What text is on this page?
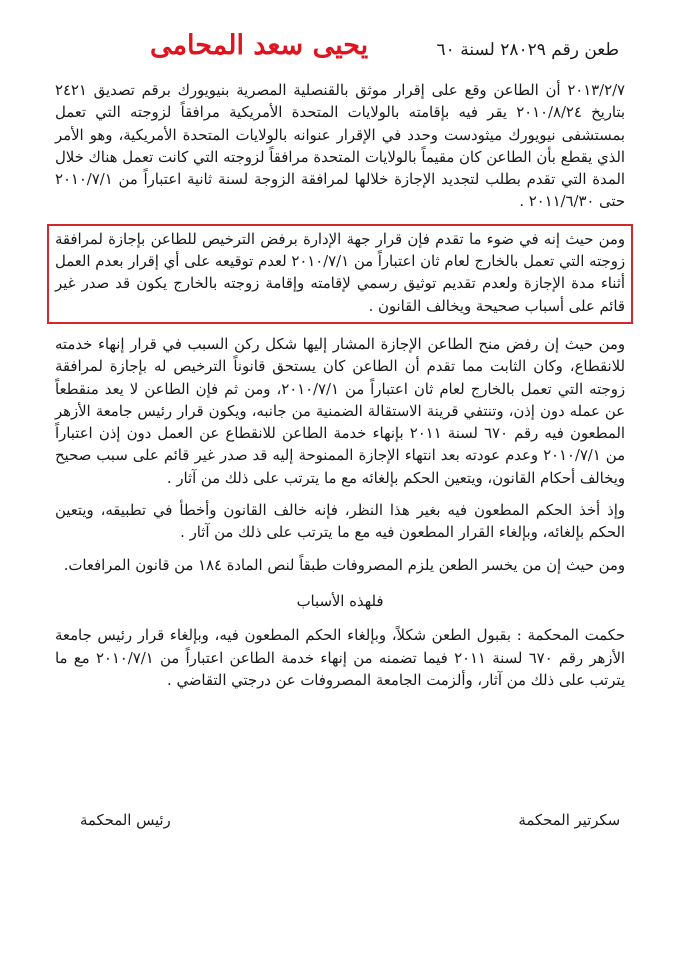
طعن رقم ٢٨٠٢٩ لسنة ٦٠
يحيى سعد المحامى

٢٠١٣/٢/٧ أن الطاعن وقع على إقرار موثق بالقنصلية المصرية بنيويورك برقم تصديق ٢٤٢١ بتاريخ ٢٠١٠/٨/٢٤ يقر فيه بإقامته بالولايات المتحدة الأمريكية مرافقاً لزوجته التي تعمل بمستشفى نيويورك ميثودست وحدد في الإقرار عنوانه بالولايات المتحدة الأمريكية، وهو الأمر الذي يقطع بأن الطاعن كان مقيماً بالولايات المتحدة مرافقاً لزوجته التي كانت تعمل هناك خلال المدة التي تقدم بطلب لتجديد الإجازة خلالها لمرافقة الزوجة لسنة ثانية اعتباراً من ٢٠١٠/٧/١ حتى ٢٠١١/٦/٣٠ .

ومن حيث إنه في ضوء ما تقدم فإن قرار جهة الإدارة برفض الترخيص للطاعن بإجازة لمرافقة زوجته التي تعمل بالخارج لعام ثان اعتباراً من ٢٠١٠/٧/١ لعدم توقيعه على أي إقرار بعدم العمل أثناء مدة الإجازة ولعدم تقديم توثيق رسمي لإقامته وإقامة زوجته بالخارج يكون قد صدر غير قائم على أسباب صحيحة ويخالف القانون .

ومن حيث إن رفض منح الطاعن الإجازة المشار إليها شكل ركن السبب في قرار إنهاء خدمته للانقطاع، وكان الثابت مما تقدم أن الطاعن كان يستحق قانوناً الترخيص له بإجازة لمرافقة زوجته التي تعمل بالخارج لعام ثان اعتباراً من ٢٠١٠/٧/١، ومن ثم فإن الطاعن لا يعد منقطعاً عن عمله دون إذن، وتنتفي قرينة الاستقالة الضمنية من جانبه، ويكون قرار رئيس جامعة الأزهر المطعون فيه رقم ٦٧٠ لسنة ٢٠١١ بإنهاء خدمة الطاعن للانقطاع عن العمل دون إذن اعتباراً من ٢٠١٠/٧/١ وعدم عودته بعد انتهاء الإجازة الممنوحة إليه قد صدر غير قائم على سبب صحيح ويخالف أحكام القانون، ويتعين الحكم بإلغائه مع ما يترتب على ذلك من آثار .

وإذ أخذ الحكم المطعون فيه بغير هذا النظر، فإنه خالف القانون وأخطأ في تطبيقه، ويتعين الحكم بإلغائه، وبإلغاء القرار المطعون فيه مع ما يترتب على ذلك من آثار .

ومن حيث إن من يخسر الطعن يلزم المصروفات طبقاً لنص المادة ١٨٤ من قانون المرافعات.

فلهذه الأسباب

حكمت المحكمة : بقبول الطعن شكلاً، وبإلغاء الحكم المطعون فيه، وبإلغاء قرار رئيس جامعة الأزهر رقم ٦٧٠ لسنة ٢٠١١ فيما تضمنه من إنهاء خدمة الطاعن اعتباراً من ٢٠١٠/٧/١ مع ما يترتب على ذلك من آثار، وألزمت الجامعة المصروفات عن درجتي التقاضي .

سكرتير المحكمة
رئيس المحكمة
